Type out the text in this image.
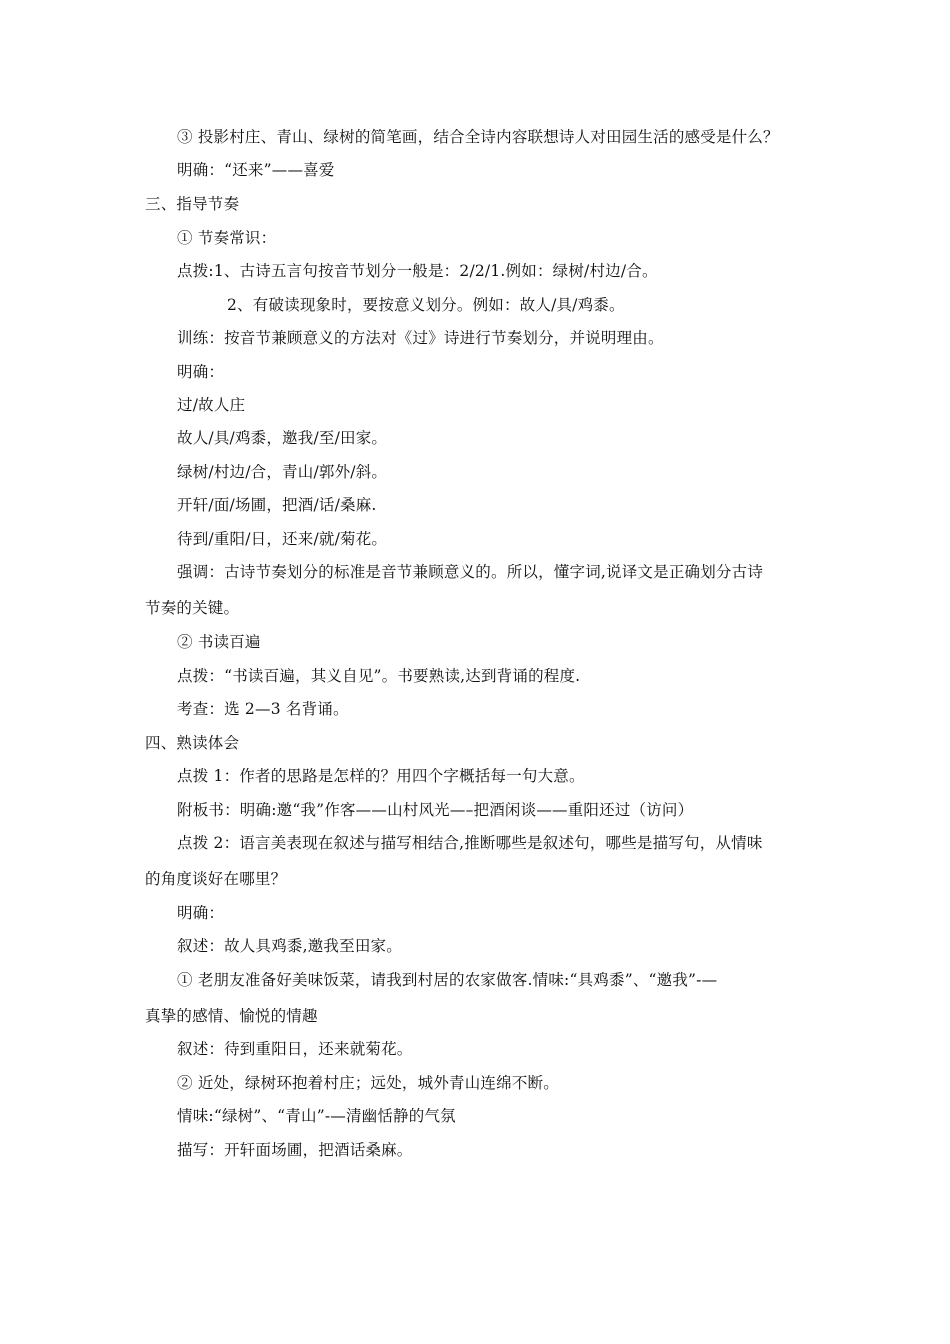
③ 投影村庄、青山、绿树的简笔画，结合全诗内容联想诗人对田园生活的感受是什么？
明确：“还来”——喜爱
三、指导节奏
① 节奏常识：
点拨:1、古诗五言句按音节划分一般是：2/2/1.例如：绿树/村边/合。
2、有破读现象时，要按意义划分。例如：故人/具/鸡黍。
训练：按音节兼顾意义的方法对《过》诗进行节奏划分，并说明理由。
明确：
过/故人庄
故人/具/鸡黍，邀我/至/田家。
绿树/村边/合，青山/郭外/斜。
开轩/面/场圃，把酒/话/桑麻.
待到/重阳/日，还来/就/菊花。
强调：古诗节奏划分的标准是音节兼顾意义的。所以，懂字词,说译文是正确划分古诗
节奏的关键。
② 书读百遍
点拨：“书读百遍，其义自见”。书要熟读,达到背诵的程度.
考查：选 2—3 名背诵。
四、熟读体会
点拨 1：作者的思路是怎样的？用四个字概括每一句大意。
附板书：明确:邀“我”作客——山村风光—–把酒闲谈——重阳还过（访问）
点拨 2：语言美表现在叙述与描写相结合,推断哪些是叙述句，哪些是描写句，从情味
的角度谈好在哪里？
明确：
叙述：故人具鸡黍,邀我至田家。
① 老朋友准备好美味饭菜，请我到村居的农家做客.情味:“具鸡黍”、“邀我”-—
真挚的感情、愉悦的情趣
叙述：待到重阳日，还来就菊花。
② 近处，绿树环抱着村庄；远处，城外青山连绵不断。
情味:“绿树”、“青山”-—清幽恬静的气氛
描写：开轩面场圃，把酒话桑麻。
